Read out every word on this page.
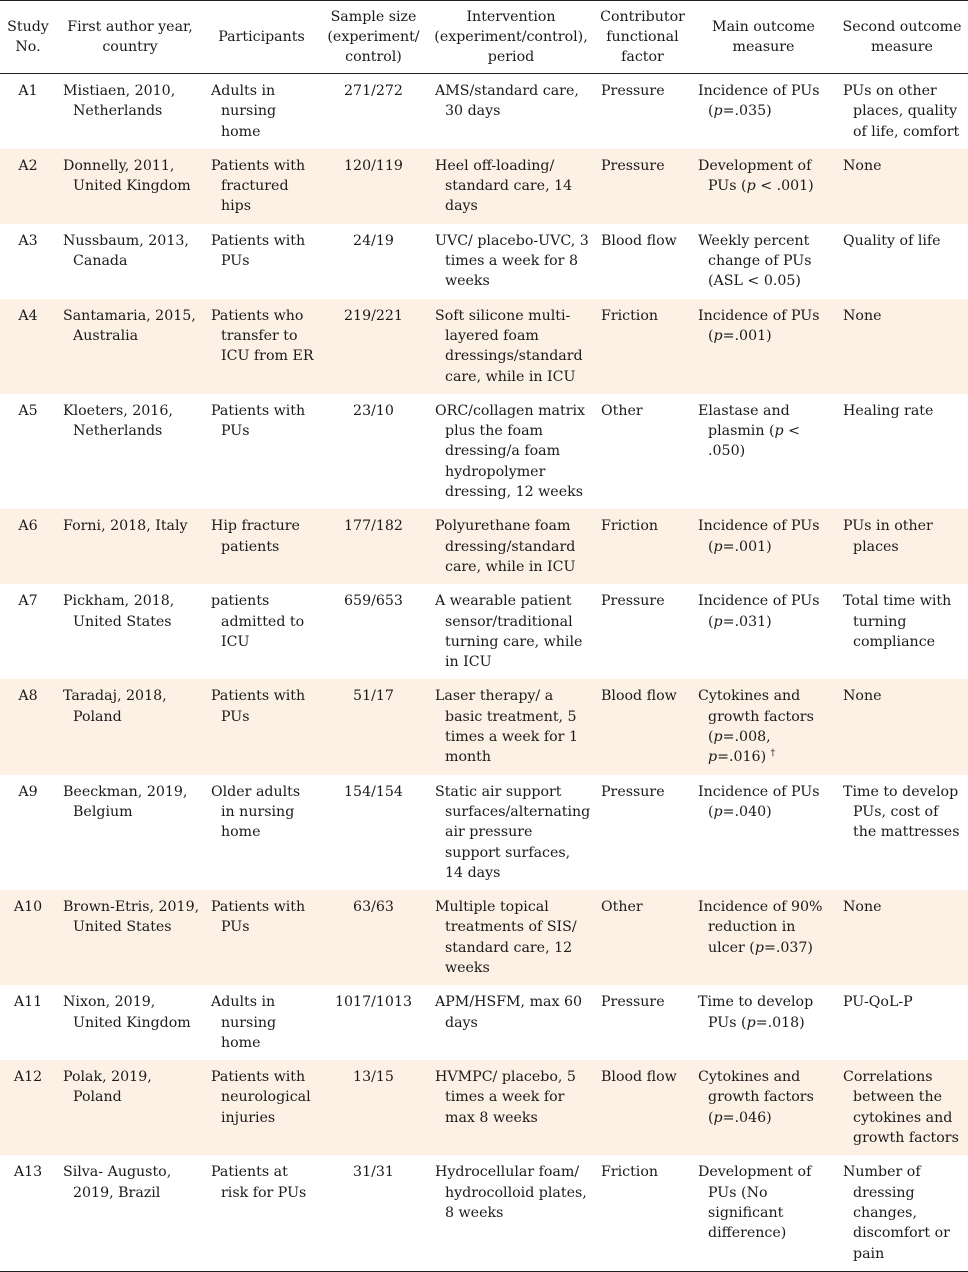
Study No.	First author year, country	Participants	Sample size (experiment/ control)	Intervention (experiment/control), period	Contributor functional factor	Main outcome measure	Second outcome measure
A1	Mistiaen, 2010, Netherlands	Adults in nursing home	271/272	AMS/standard care, 30 days	Pressure	Incidence of PUs (p=.035)	PUs on other places, quality of life, comfort

A2	Donnelly, 2011, United Kingdom	Patients with fractured hips	120/119	Heel off-loading/ standard care, 14 days	Pressure	Development of PUs (p < .001)	None

A3	Nussbaum, 2013, Canada	Patients with PUs	24/19	UVC/ placebo-UVC, 3 times a week for 8 weeks	Blood flow	Weekly percent change of PUs (ASL < 0.05)	Quality of life

A4	Santamaria, 2015, Australia	Patients who transfer to ICU from ER	219/221	Soft silicone multi-layered foam dressings/standard care, while in ICU	Friction	Incidence of PUs (p=.001)	None

A5	Kloeters, 2016, Netherlands	Patients with PUs	23/10	ORC/collagen matrix plus the foam dressing/a foam hydropolymer dressing, 12 weeks	Other	Elastase and plasmin (p < .050)	Healing rate

A6	Forni, 2018, Italy	Hip fracture patients	177/182	Polyurethane foam dressing/standard care, while in ICU	Friction	Incidence of PUs (p=.001)	PUs in other places

A7	Pickham, 2018, United States	patients admitted to ICU	659/653	A wearable patient sensor/traditional turning care, while in ICU	Pressure	Incidence of PUs (p=.031)	Total time with turning compliance

A8	Taradaj, 2018, Poland	Patients with PUs	51/17	Laser therapy/ a basic treatment, 5 times a week for 1 month	Blood flow	Cytokines and growth factors (p=.008, p=.016) †	None

A9	Beeckman, 2019, Belgium	Older adults in nursing home	154/154	Static air support surfaces/alternating air pressure support surfaces, 14 days	Pressure	Incidence of PUs (p=.040)	Time to develop PUs, cost of the mattresses

A10	Brown-Etris, 2019, United States	Patients with PUs	63/63	Multiple topical treatments of SIS/ standard care, 12 weeks	Other	Incidence of 90% reduction in ulcer (p=.037)	None

A11	Nixon, 2019, United Kingdom	Adults in nursing home	1017/1013	APM/HSFM, max 60 days	Pressure	Time to develop PUs (p=.018)	PU-QoL-P

A12	Polak, 2019, Poland	Patients with neurological injuries	13/15	HVMPC/ placebo, 5 times a week for max 8 weeks	Blood flow	Cytokines and growth factors (p=.046)	Correlations between the cytokines and growth factors

A13	Silva- Augusto, 2019, Brazil	Patients at risk for PUs	31/31	Hydrocellular foam/ hydrocolloid plates, 8 weeks	Friction	Development of PUs (No significant difference)	Number of dressing changes, discomfort or pain
